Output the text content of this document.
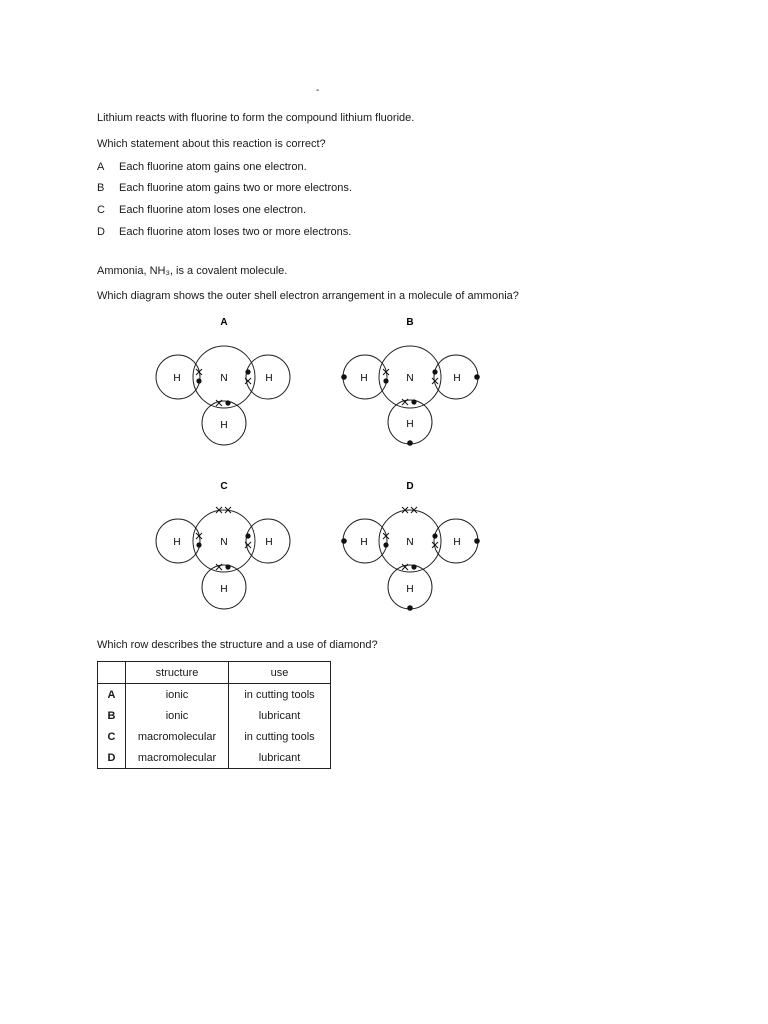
-
Lithium reacts with fluorine to form the compound lithium fluoride.
Which statement about this reaction is correct?
A Each fluorine atom gains one electron.
B Each fluorine atom gains two or more electrons.
C Each fluorine atom loses one electron.
D Each fluorine atom loses two or more electrons.
Ammonia, NH₃, is a covalent molecule.
Which diagram shows the outer shell electron arrangement in a molecule of ammonia?
A
N
H	H
H
B
H	N	H
H
C
H	N	H
H
D
H	N	H
H
Which row describes the structure and a use of diamond?
	structure	use
A	ionic	in cutting tools
B	ionic	lubricant
C	macromolecular	in cutting tools
D	macromolecular	lubricant
